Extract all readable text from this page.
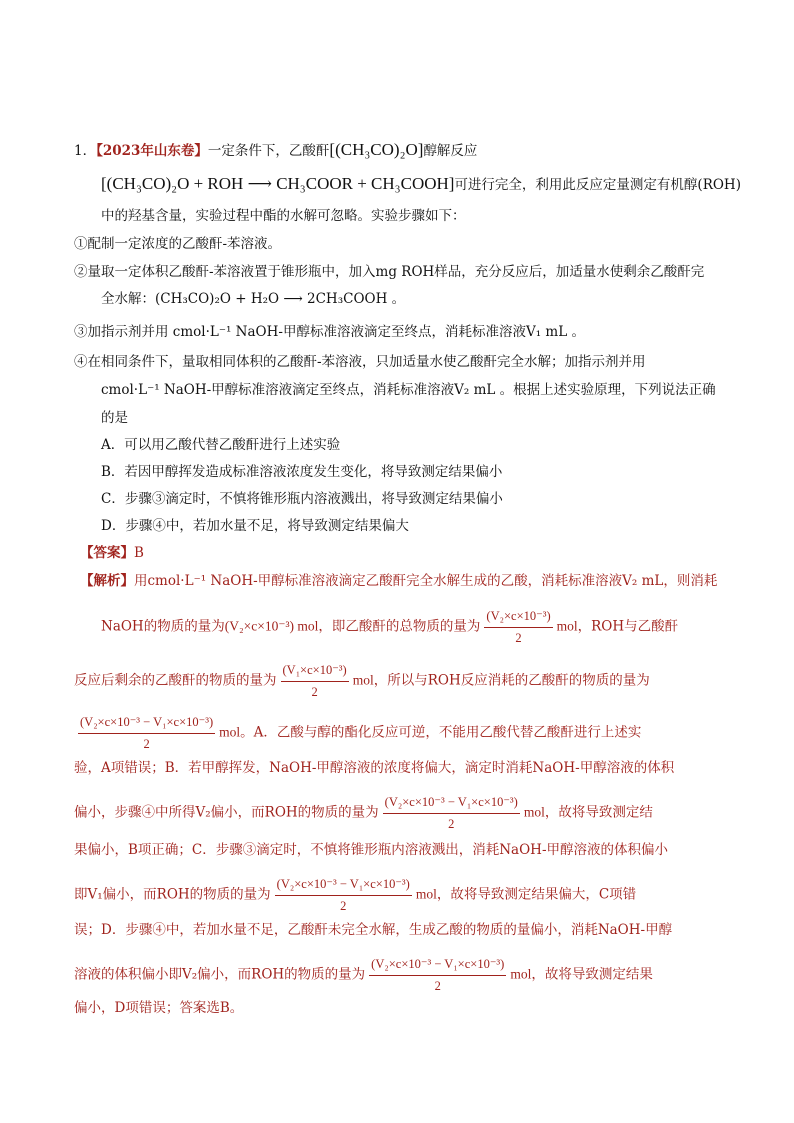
1．【2023年山东卷】一定条件下，乙酸酐[(CH₃CO)₂O]醇解反应
[(CH₃CO)₂O + ROH ⟶ CH₃COOR + CH₃COOH]可进行完全，利用此反应定量测定有机醇(ROH)
中的羟基含量，实验过程中酯的水解可忽略。实验步骤如下：
①配制一定浓度的乙酸酐-苯溶液。
②量取一定体积乙酸酐-苯溶液置于锥形瓶中，加入mg ROH样品，充分反应后，加适量水使剩余乙酸酐完
全水解：(CH₃CO)₂O + H₂O ⟶ 2CH₃COOH 。
③加指示剂并用 cmol·L⁻¹ NaOH-甲醇标准溶液滴定至终点，消耗标准溶液V₁ mL 。
④在相同条件下，量取相同体积的乙酸酐-苯溶液，只加适量水使乙酸酐完全水解；加指示剂并用
cmol·L⁻¹ NaOH-甲醇标准溶液滴定至终点，消耗标准溶液V₂ mL 。根据上述实验原理，下列说法正确
的是
A．可以用乙酸代替乙酸酐进行上述实验
B．若因甲醇挥发造成标准溶液浓度发生变化，将导致测定结果偏小
C．步骤③滴定时，不慎将锥形瓶内溶液溅出，将导致测定结果偏小
D．步骤④中，若加水量不足，将导致测定结果偏大
【答案】B
【解析】用cmol·L⁻¹ NaOH-甲醇标准溶液滴定乙酸酐完全水解生成的乙酸，消耗标准溶液V₂ mL，则消耗
NaOH的物质的量为(V₂×c×10⁻³) mol，即乙酸酐的总物质的量为 $\frac{\text{(V₂×c×10⁻³)}}{2}$ mol，ROH与乙酸酐
反应后剩余的乙酸酐的物质的量为 $\frac{\text{(V₁×c×10⁻³)}}{2}$ mol，所以与ROH反应消耗的乙酸酐的物质的量为
$\frac{\text{(V₂×c×10⁻³ − V₁×c×10⁻³)}}{2}$ mol。A．乙酸与醇的酯化反应可逆，不能用乙酸代替乙酸酐进行上述实
验，A项错误；B．若甲醇挥发，NaOH-甲醇溶液的浓度将偏大，滴定时消耗NaOH-甲醇溶液的体积
偏小，步骤④中所得V₂偏小，而ROH的物质的量为 $\frac{\text{(V₂×c×10⁻³ − V₁×c×10⁻³)}}{2}$ mol，故将导致测定结
果偏小，B项正确；C．步骤③滴定时，不慎将锥形瓶内溶液溅出，消耗NaOH-甲醇溶液的体积偏小
即V₁偏小，而ROH的物质的量为 $\frac{\text{(V₂×c×10⁻³ − V₁×c×10⁻³)}}{2}$ mol，故将导致测定结果偏大，C项错
误；D．步骤④中，若加水量不足，乙酸酐未完全水解，生成乙酸的物质的量偏小，消耗NaOH-甲醇
溶液的体积偏小即V₂偏小，而ROH的物质的量为 $\frac{\text{(V₂×c×10⁻³ − V₁×c×10⁻³)}}{2}$ mol，故将导致测定结果
偏小，D项错误；答案选B。
